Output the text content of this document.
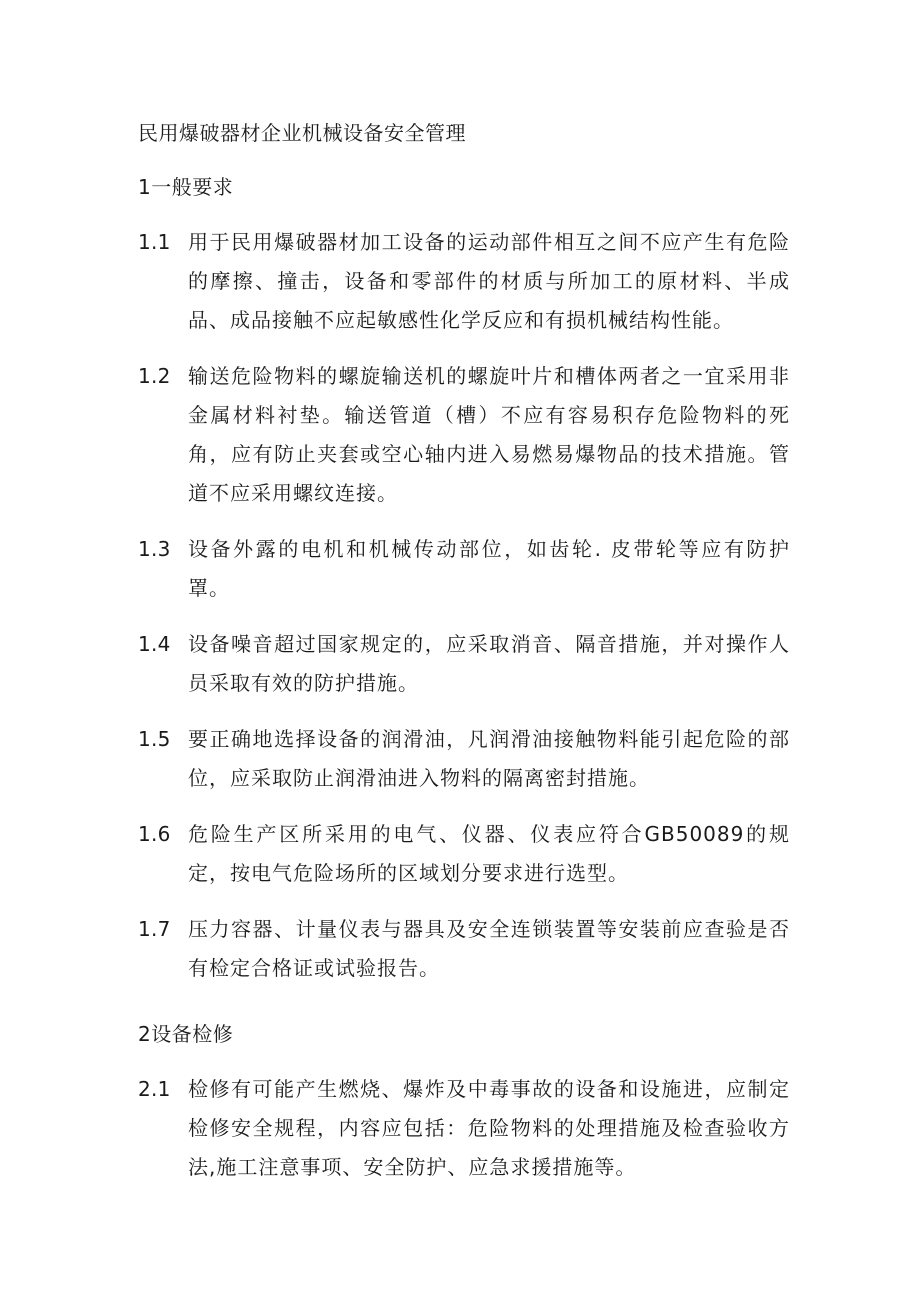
民用爆破器材企业机械设备安全管理
1一般要求
1.1 用于民用爆破器材加工设备的运动部件相互之间不应产生有危险的摩擦、撞击，设备和零部件的材质与所加工的原材料、半成品、成品接触不应起敏感性化学反应和有损机械结构性能。
1.2 输送危险物料的螺旋输送机的螺旋叶片和槽体两者之一宜采用非金属材料衬垫。输送管道（槽）不应有容易积存危险物料的死角，应有防止夹套或空心轴内进入易燃易爆物品的技术措施。管道不应采用螺纹连接。
1.3 设备外露的电机和机械传动部位，如齿轮. 皮带轮等应有防护罩。
1.4 设备噪音超过国家规定的，应采取消音、隔音措施，并对操作人员采取有效的防护措施。
1.5 要正确地选择设备的润滑油，凡润滑油接触物料能引起危险的部位，应采取防止润滑油进入物料的隔离密封措施。
1.6 危险生产区所采用的电气、仪器、仪表应符合GB50089的规定，按电气危险场所的区域划分要求进行选型。
1.7 压力容器、计量仪表与器具及安全连锁装置等安装前应查验是否有检定合格证或试验报告。
2设备检修
2.1 检修有可能产生燃烧、爆炸及中毒事故的设备和设施进，应制定检修安全规程，内容应包括：危险物料的处理措施及检查验收方法,施工注意事项、安全防护、应急求援措施等。
